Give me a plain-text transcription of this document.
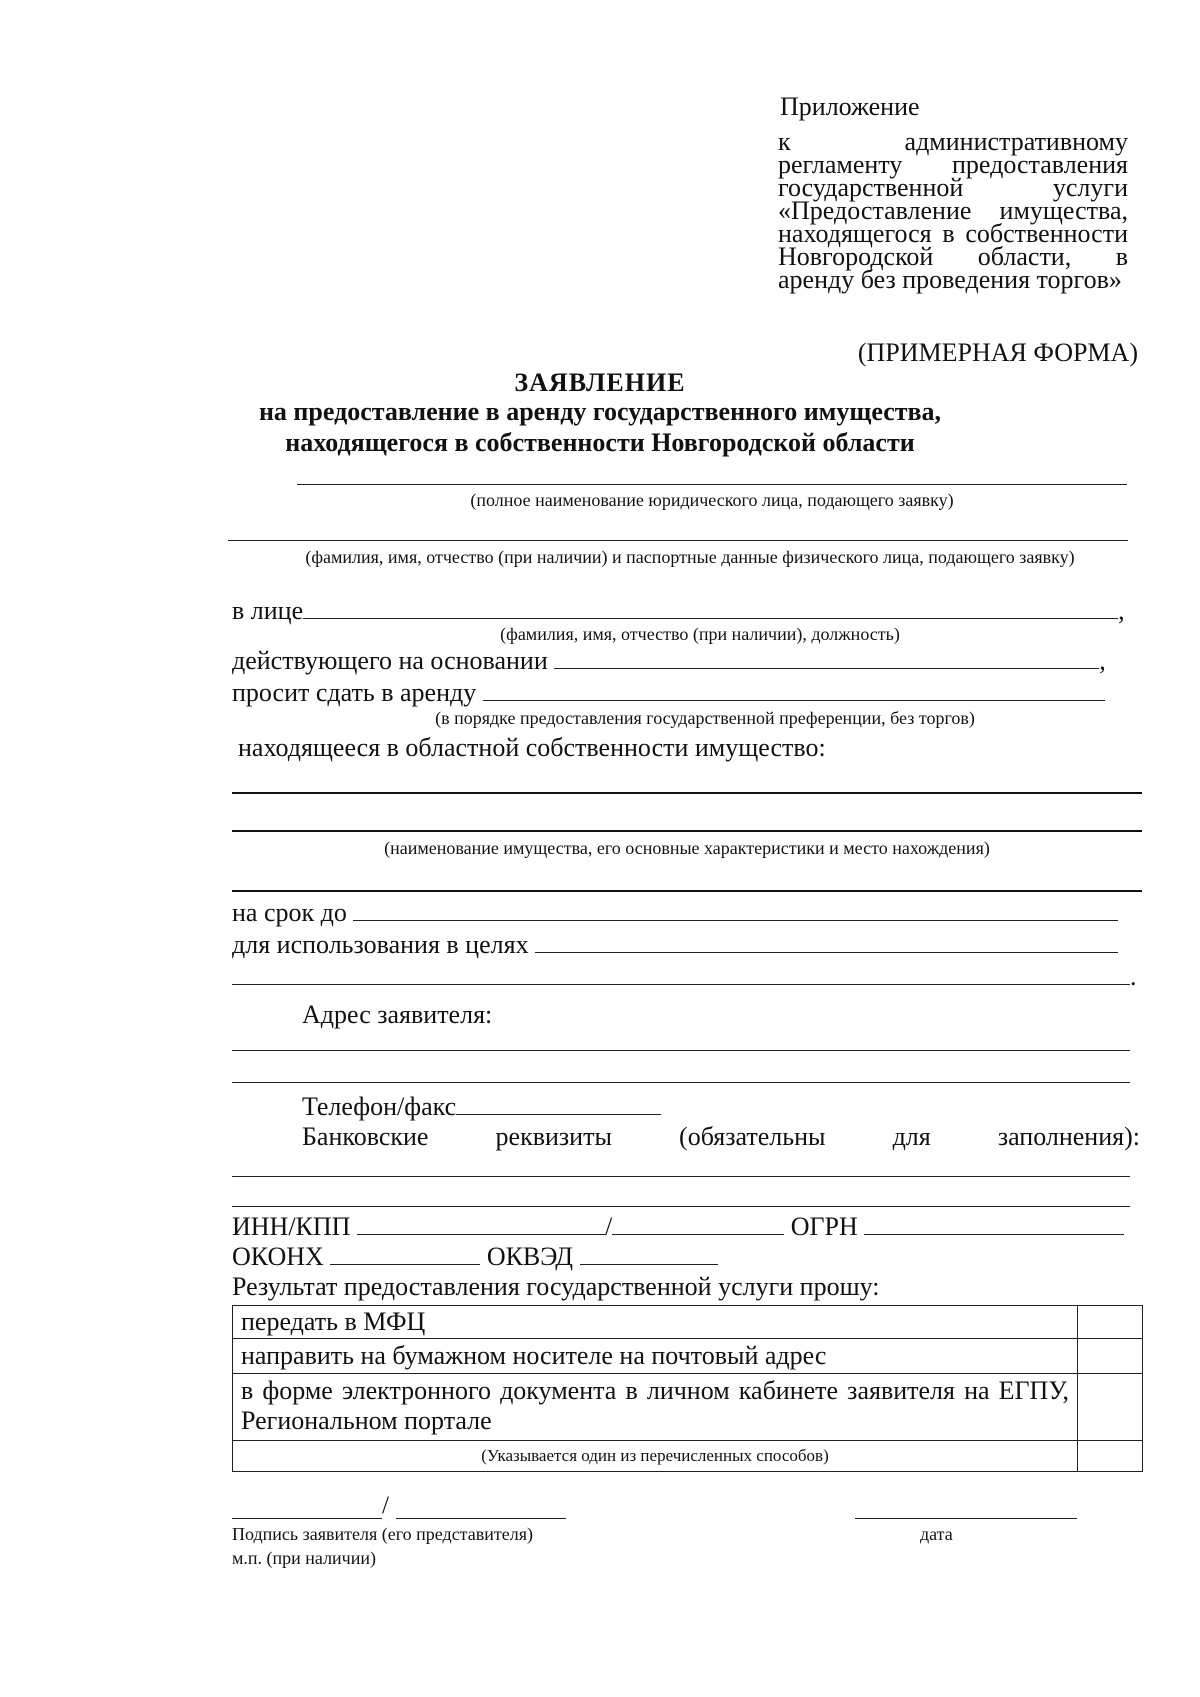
Приложение
к административному регламенту предоставления государственной услуги «Предоставление имущества, находящегося в собственности Новгородской области, в аренду без проведения торгов»
(ПРИМЕРНАЯ ФОРМА)
ЗАЯВЛЕНИЕ
на предоставление в аренду государственного имущества,
находящегося в собственности Новгородской области
(полное наименование юридического лица, подающего заявку)
(фамилия, имя, отчество (при наличии) и паспортные данные физического лица, подающего заявку)
в лице	,
(фамилия, имя, отчество (при наличии), должность)
действующего на основании	,
просит сдать в аренду
(в порядке предоставления государственной преференции, без торгов)
находящееся в областной собственности имущество:
(наименование имущества, его основные характеристики и место нахождения)
на срок до
для использования в целях
.
Адрес заявителя:
Телефон/факс
Банковские	реквизиты	(обязательны	для	заполнения):
ИНН/КПП	/	ОГРН
ОКОНХ	ОКВЭД
Результат предоставления государственной услуги прошу:
передать в МФЦ	
направить на бумажном носителе на почтовый адрес	
в форме электронного документа в личном кабинете заявителя на ЕГПУ, Региональном портале	
(Указывается один из перечисленных способов)	
/
Подпись заявителя (его представителя)
м.п. (при наличии)
дата
